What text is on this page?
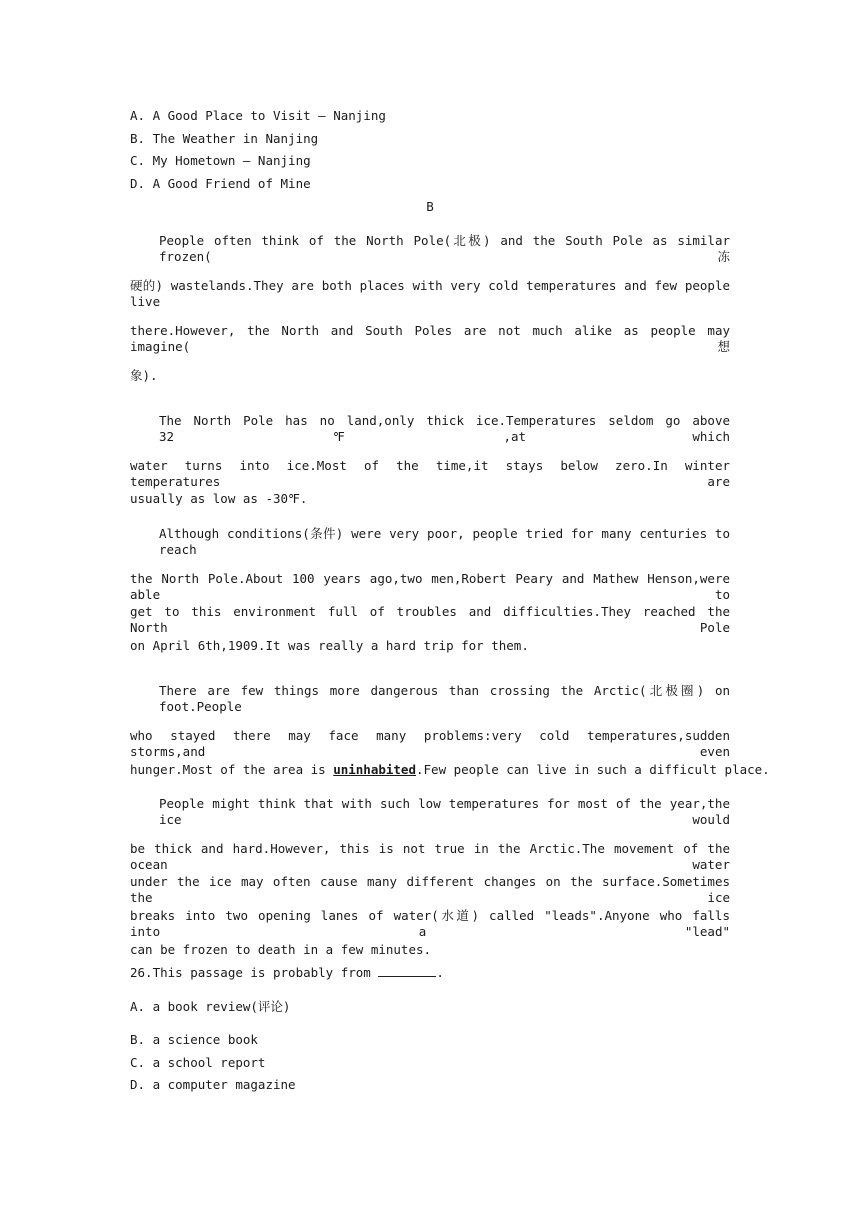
A. A Good Place to Visit — Nanjing
B. The Weather in Nanjing
C. My Hometown — Nanjing
D. A Good Friend of Mine
B
People often think of the North Pole(北极) and the South Pole as similar frozen(冻
硬的) wastelands.They are both places with very cold temperatures and few people live
there.However, the North and South Poles are not much alike as people may imagine(想
象).
The North Pole has no land,only thick ice.Temperatures seldom go above 32℉,at which
water turns into ice.Most of the time,it stays below zero.In winter temperatures are
usually as low as -30℉.
Although conditions(条件) were very poor, people tried for many centuries to reach
the North Pole.About 100 years ago,two men,Robert Peary and Mathew Henson,were able to
get to this environment full of troubles and difficulties.They reached the North Pole
on April 6th,1909.It was really a hard trip for them.
There are few things more dangerous than crossing the Arctic(北极圈) on foot.People
who stayed there may face many problems:very cold temperatures,sudden storms,and even
hunger.Most of the area is uninhabited.Few people can live in such a difficult place.
People might think that with such low temperatures for most of the year,the ice would
be thick and hard.However, this is not true in the Arctic.The movement of the ocean water
under the ice may often cause many different changes on the surface.Sometimes the ice
breaks into two opening lanes of water(水道) called "leads".Anyone who falls into a "lead"
can be frozen to death in a few minutes.
26.This passage is probably from	.
A. a book review(评论)
B. a science book
C. a school report
D. a computer magazine
